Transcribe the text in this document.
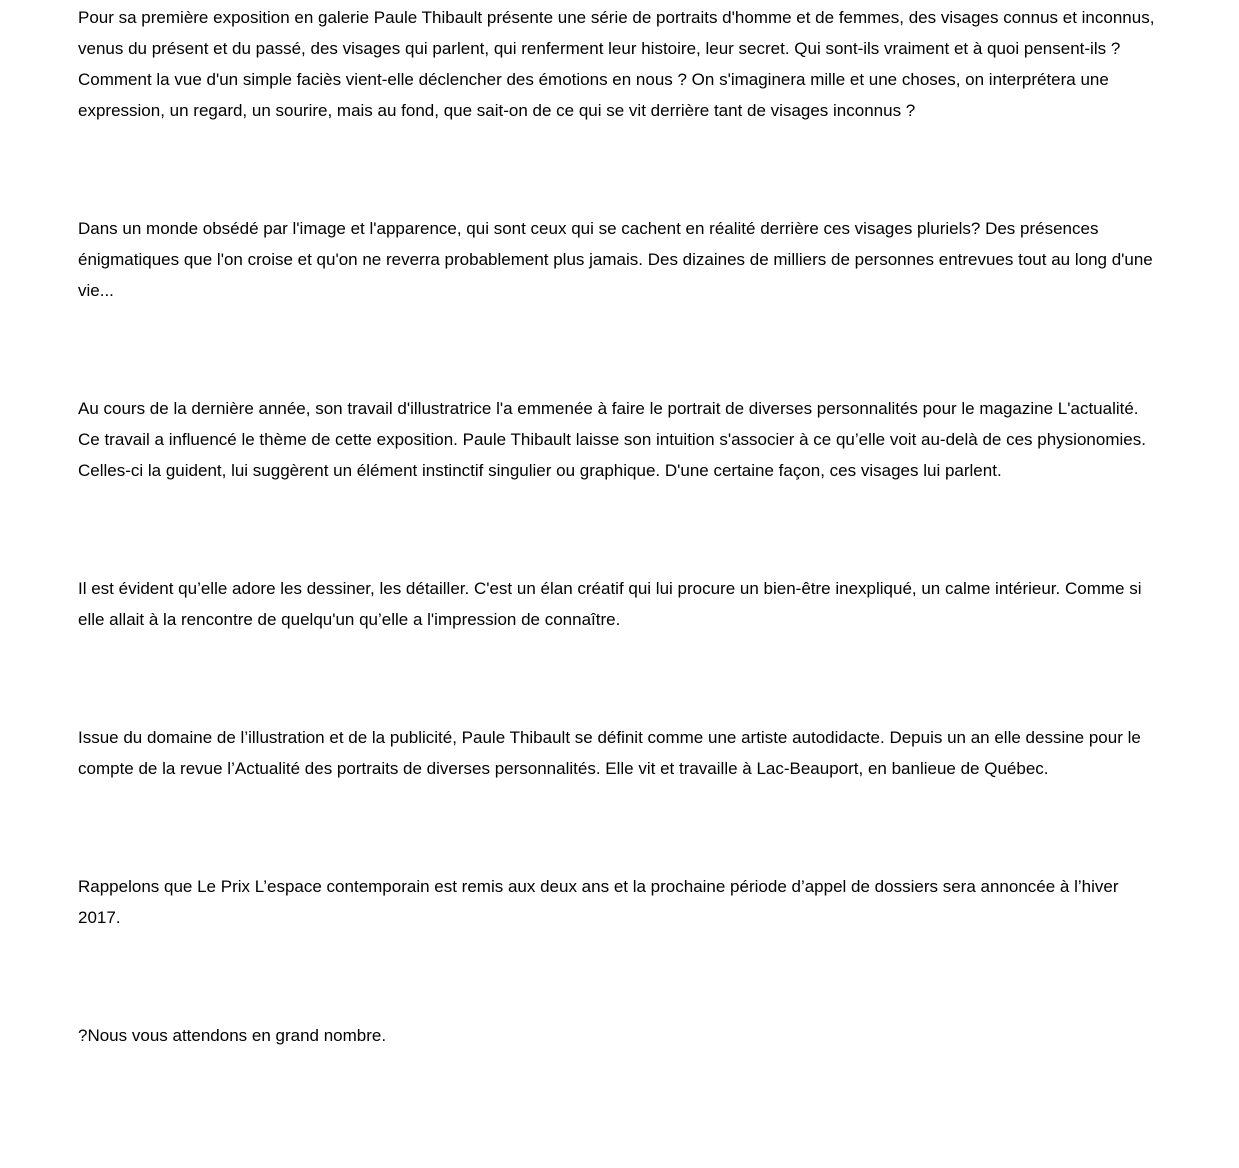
Pour sa première exposition en galerie Paule Thibault présente une série de portraits d'homme et de femmes, des visages connus et inconnus, venus du présent et du passé, des visages qui parlent, qui renferment leur histoire, leur secret. Qui sont-ils vraiment et à quoi pensent-ils ? Comment la vue d'un simple faciès vient-elle déclencher des émotions en nous ? On s'imaginera mille et une choses, on interprétera une expression, un regard, un sourire, mais au fond, que sait-on de ce qui se vit derrière tant de visages inconnus ?

Dans un monde obsédé par l'image et l'apparence, qui sont ceux qui se cachent en réalité derrière ces visages pluriels? Des présences énigmatiques que l'on croise et qu'on ne reverra probablement plus jamais. Des dizaines de milliers de personnes entrevues tout au long d'une vie...

Au cours de la dernière année, son travail d'illustratrice l'a emmenée à faire le portrait de diverses personnalités pour le magazine L'actualité. Ce travail a influencé le thème de cette exposition. Paule Thibault laisse son intuition s'associer à ce qu’elle voit au-delà de ces physionomies. Celles-ci la guident, lui suggèrent un élément instinctif singulier ou graphique. D'une certaine façon, ces visages lui parlent.

Il est évident qu’elle adore les dessiner, les détailler. C'est un élan créatif qui lui procure un bien-être inexpliqué, un calme intérieur. Comme si elle allait à la rencontre de quelqu'un qu’elle a l'impression de connaître.

Issue du domaine de l’illustration et de la publicité, Paule Thibault se définit comme une artiste autodidacte. Depuis un an elle dessine pour le compte de la revue l’Actualité des portraits de diverses personnalités. Elle vit et travaille à Lac-Beauport, en banlieue de Québec.

Rappelons que Le Prix L’espace contemporain est remis aux deux ans et la prochaine période d’appel de dossiers sera annoncée à l’hiver 2017.

?Nous vous attendons en grand nombre.
